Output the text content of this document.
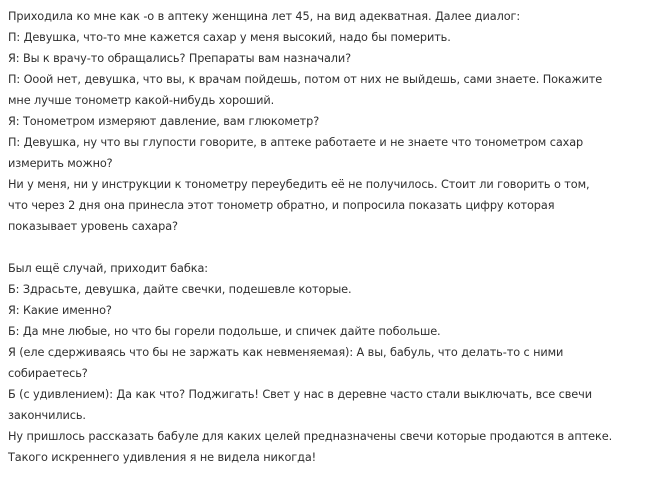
Приходила ко мне как -о в аптеку женщина лет 45, на вид адекватная. Далее диалог:
П: Девушка, что-то мне кажется сахар у меня высокий, надо бы померить.
Я: Вы к врачу-то обращались? Препараты вам назначали?
П: Ооой нет, девушка, что вы, к врачам пойдешь, потом от них не выйдешь, сами знаете. Покажите
мне лучше тонометр какой-нибудь хороший.
Я: Тонометром измеряют давление, вам глюкометр?
П: Девушка, ну что вы глупости говорите, в аптеке работаете и не знаете что тонометром сахар
измерить можно?
Ни у меня, ни у инструкции к тонометру переубедить её не получилось. Стоит ли говорить о том,
что через 2 дня она принесла этот тонометр обратно, и попросила показать цифру которая
показывает уровень сахара?
Был ещё случай, приходит бабка:
Б: Здрасьте, девушка, дайте свечки, подешевле которые.
Я: Какие именно?
Б: Да мне любые, но что бы горели подольше, и спичек дайте побольше.
Я (еле сдерживаясь что бы не заржать как невменяемая): А вы, бабуль, что делать-то с ними
собираетесь?
Б (с удивлением): Да как что? Поджигать! Свет у нас в деревне часто стали выключать, все свечи
закончились.
Ну пришлось рассказать бабуле для каких целей предназначены свечи которые продаются в аптеке.
Такого искреннего удивления я не видела никогда!
